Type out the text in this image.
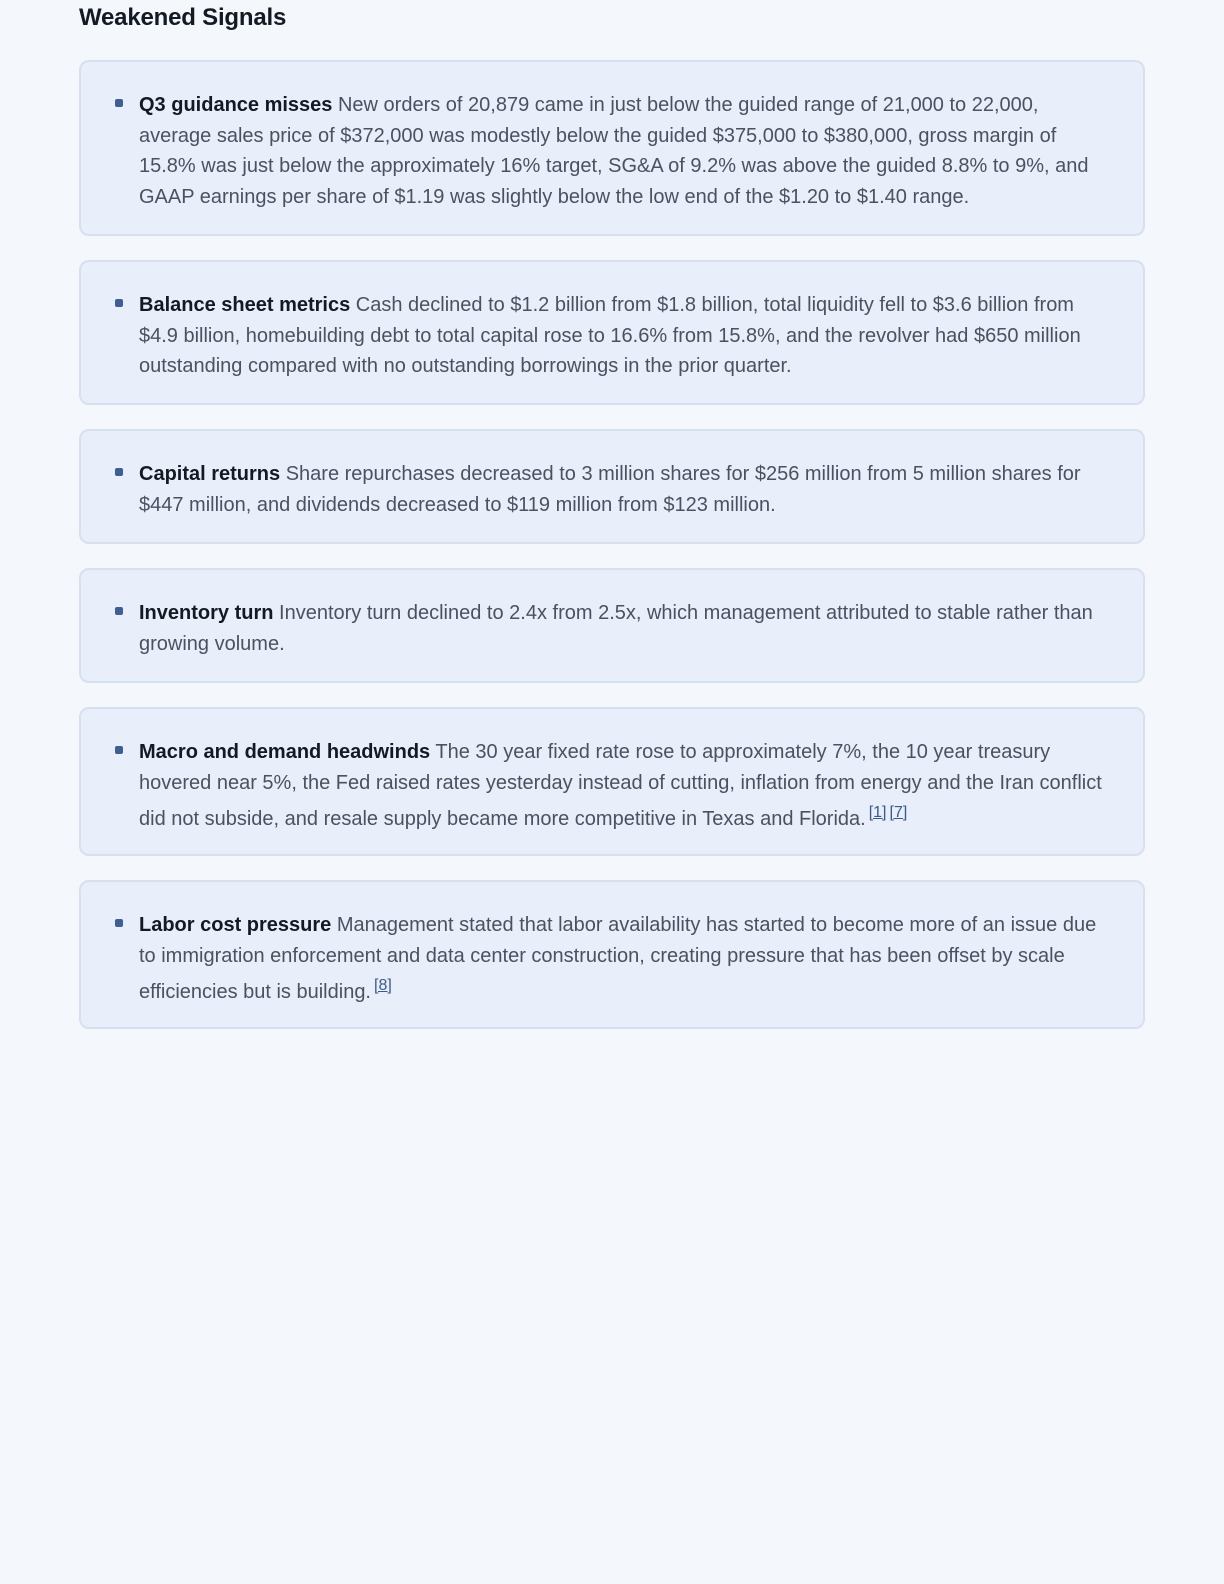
Weakened Signals

Q3 guidance misses New orders of 20,879 came in just below the guided range of 21,000 to 22,000, average sales price of $372,000 was modestly below the guided $375,000 to $380,000, gross margin of 15.8% was just below the approximately 16% target, SG&A of 9.2% was above the guided 8.8% to 9%, and GAAP earnings per share of $1.19 was slightly below the low end of the $1.20 to $1.40 range.

Balance sheet metrics Cash declined to $1.2 billion from $1.8 billion, total liquidity fell to $3.6 billion from $4.9 billion, homebuilding debt to total capital rose to 16.6% from 15.8%, and the revolver had $650 million outstanding compared with no outstanding borrowings in the prior quarter.

Capital returns Share repurchases decreased to 3 million shares for $256 million from 5 million shares for $447 million, and dividends decreased to $119 million from $123 million.

Inventory turn Inventory turn declined to 2.4x from 2.5x, which management attributed to stable rather than growing volume.

Macro and demand headwinds The 30 year fixed rate rose to approximately 7%, the 10 year treasury hovered near 5%, the Fed raised rates yesterday instead of cutting, inflation from energy and the Iran conflict did not subside, and resale supply became more competitive in Texas and Florida. [1] [7]

Labor cost pressure Management stated that labor availability has started to become more of an issue due to immigration enforcement and data center construction, creating pressure that has been offset by scale efficiencies but is building. [8]
